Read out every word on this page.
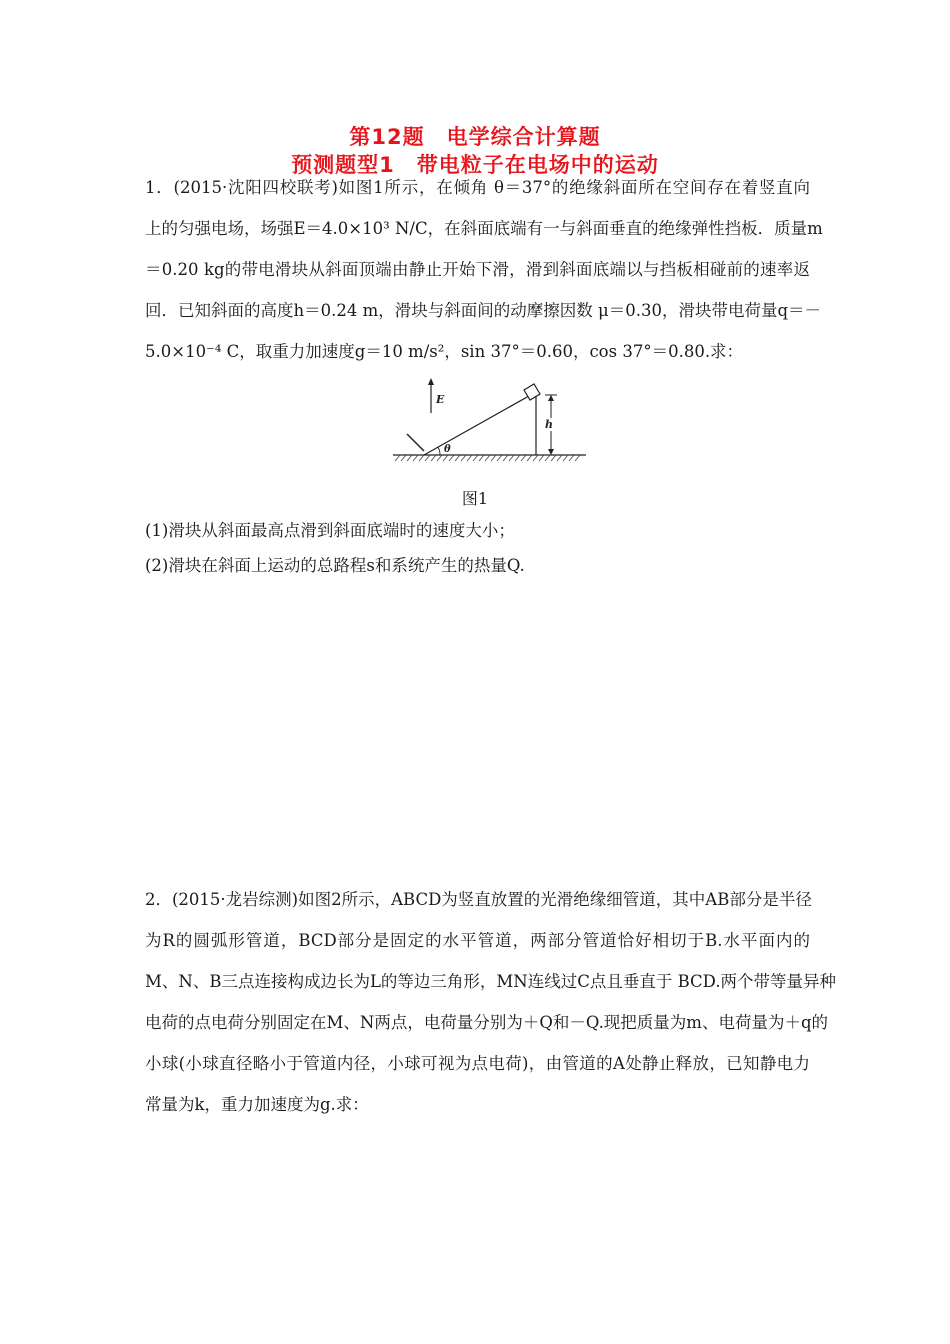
第12题　电学综合计算题
预测题型1　带电粒子在电场中的运动
1．(2015·沈阳四校联考)如图1所示，在倾角 θ＝37°的绝缘斜面所在空间存在着竖直向
上的匀强电场，场强E＝4.0×10³ N/C，在斜面底端有一与斜面垂直的绝缘弹性挡板．质量m
＝0.20 kg的带电滑块从斜面顶端由静止开始下滑，滑到斜面底端以与挡板相碰前的速率返
回．已知斜面的高度h＝0.24 m，滑块与斜面间的动摩擦因数 μ＝0.30，滑块带电荷量q＝－
5.0×10⁻⁴ C，取重力加速度g＝10 m/s²，sin 37°＝0.60，cos 37°＝0.80.求：
E
θ
h
图1
(1)滑块从斜面最高点滑到斜面底端时的速度大小；
(2)滑块在斜面上运动的总路程s和系统产生的热量Q.
2．(2015·龙岩综测)如图2所示，ABCD为竖直放置的光滑绝缘细管道，其中AB部分是半径
为R的圆弧形管道，BCD部分是固定的水平管道，两部分管道恰好相切于B.水平面内的
M、N、B三点连接构成边长为L的等边三角形，MN连线过C点且垂直于 BCD.两个带等量异种
电荷的点电荷分别固定在M、N两点，电荷量分别为＋Q和－Q.现把质量为m、电荷量为＋q的
小球(小球直径略小于管道内径，小球可视为点电荷)，由管道的A处静止释放，已知静电力
常量为k，重力加速度为g.求：
